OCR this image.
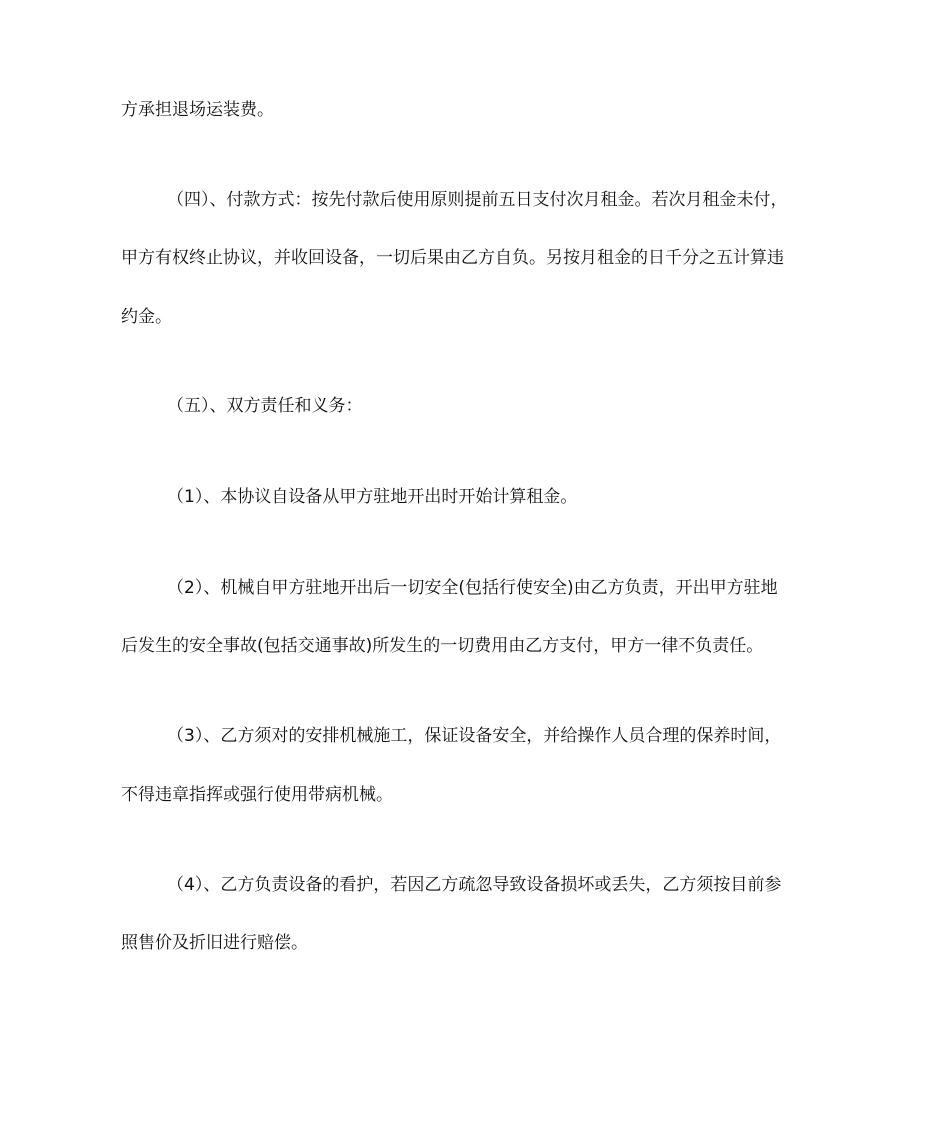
方承担退场运装费。
（四）、付款方式：按先付款后使用原则提前五日支付次月租金。若次月租金未付，
甲方有权终止协议，并收回设备，一切后果由乙方自负。另按月租金的日千分之五计算违
约金。
（五）、双方责任和义务：
（1）、本协议自设备从甲方驻地开出时开始计算租金。
（2）、机械自甲方驻地开出后一切安全(包括行使安全)由乙方负责，开出甲方驻地
后发生的安全事故(包括交通事故)所发生的一切费用由乙方支付，甲方一律不负责任。
（3）、乙方须对的安排机械施工，保证设备安全，并给操作人员合理的保养时间，
不得违章指挥或强行使用带病机械。
（4）、乙方负责设备的看护，若因乙方疏忽导致设备损坏或丢失，乙方须按目前参
照售价及折旧进行赔偿。
